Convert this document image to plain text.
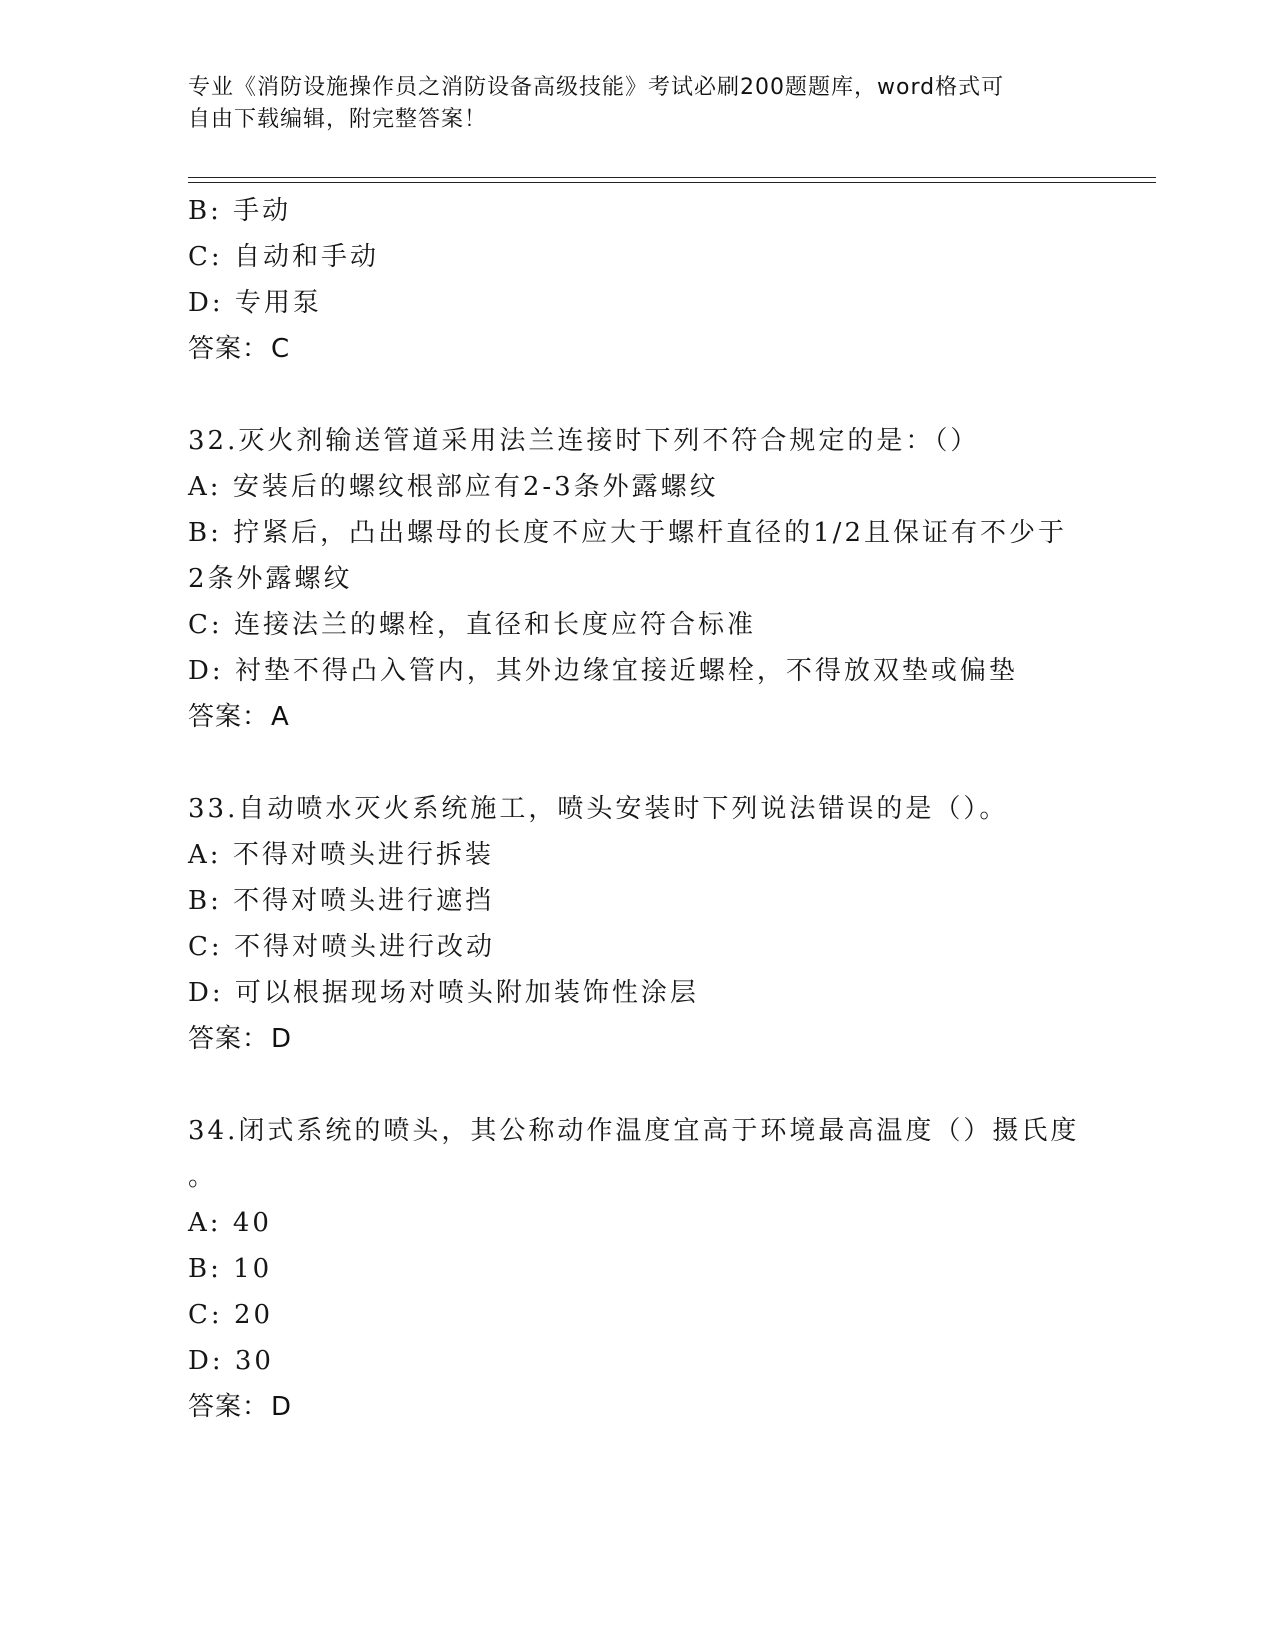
专业《消防设施操作员之消防设备高级技能》考试必刷200题题库，word格式可
自由下载编辑，附完整答案！
B: 手动
C: 自动和手动
D: 专用泵
答案：C
32.灭火剂输送管道采用法兰连接时下列不符合规定的是：（）
A: 安装后的螺纹根部应有2-3条外露螺纹
B: 拧紧后，凸出螺母的长度不应大于螺杆直径的1/2且保证有不少于
2条外露螺纹
C: 连接法兰的螺栓，直径和长度应符合标准
D: 衬垫不得凸入管内，其外边缘宜接近螺栓，不得放双垫或偏垫
答案：A
33.自动喷水灭火系统施工，喷头安装时下列说法错误的是（）。
A: 不得对喷头进行拆装
B: 不得对喷头进行遮挡
C: 不得对喷头进行改动
D: 可以根据现场对喷头附加装饰性涂层
答案：D
34.闭式系统的喷头，其公称动作温度宜高于环境最高温度（）摄氏度
。
A: 40
B: 10
C: 20
D: 30
答案：D
